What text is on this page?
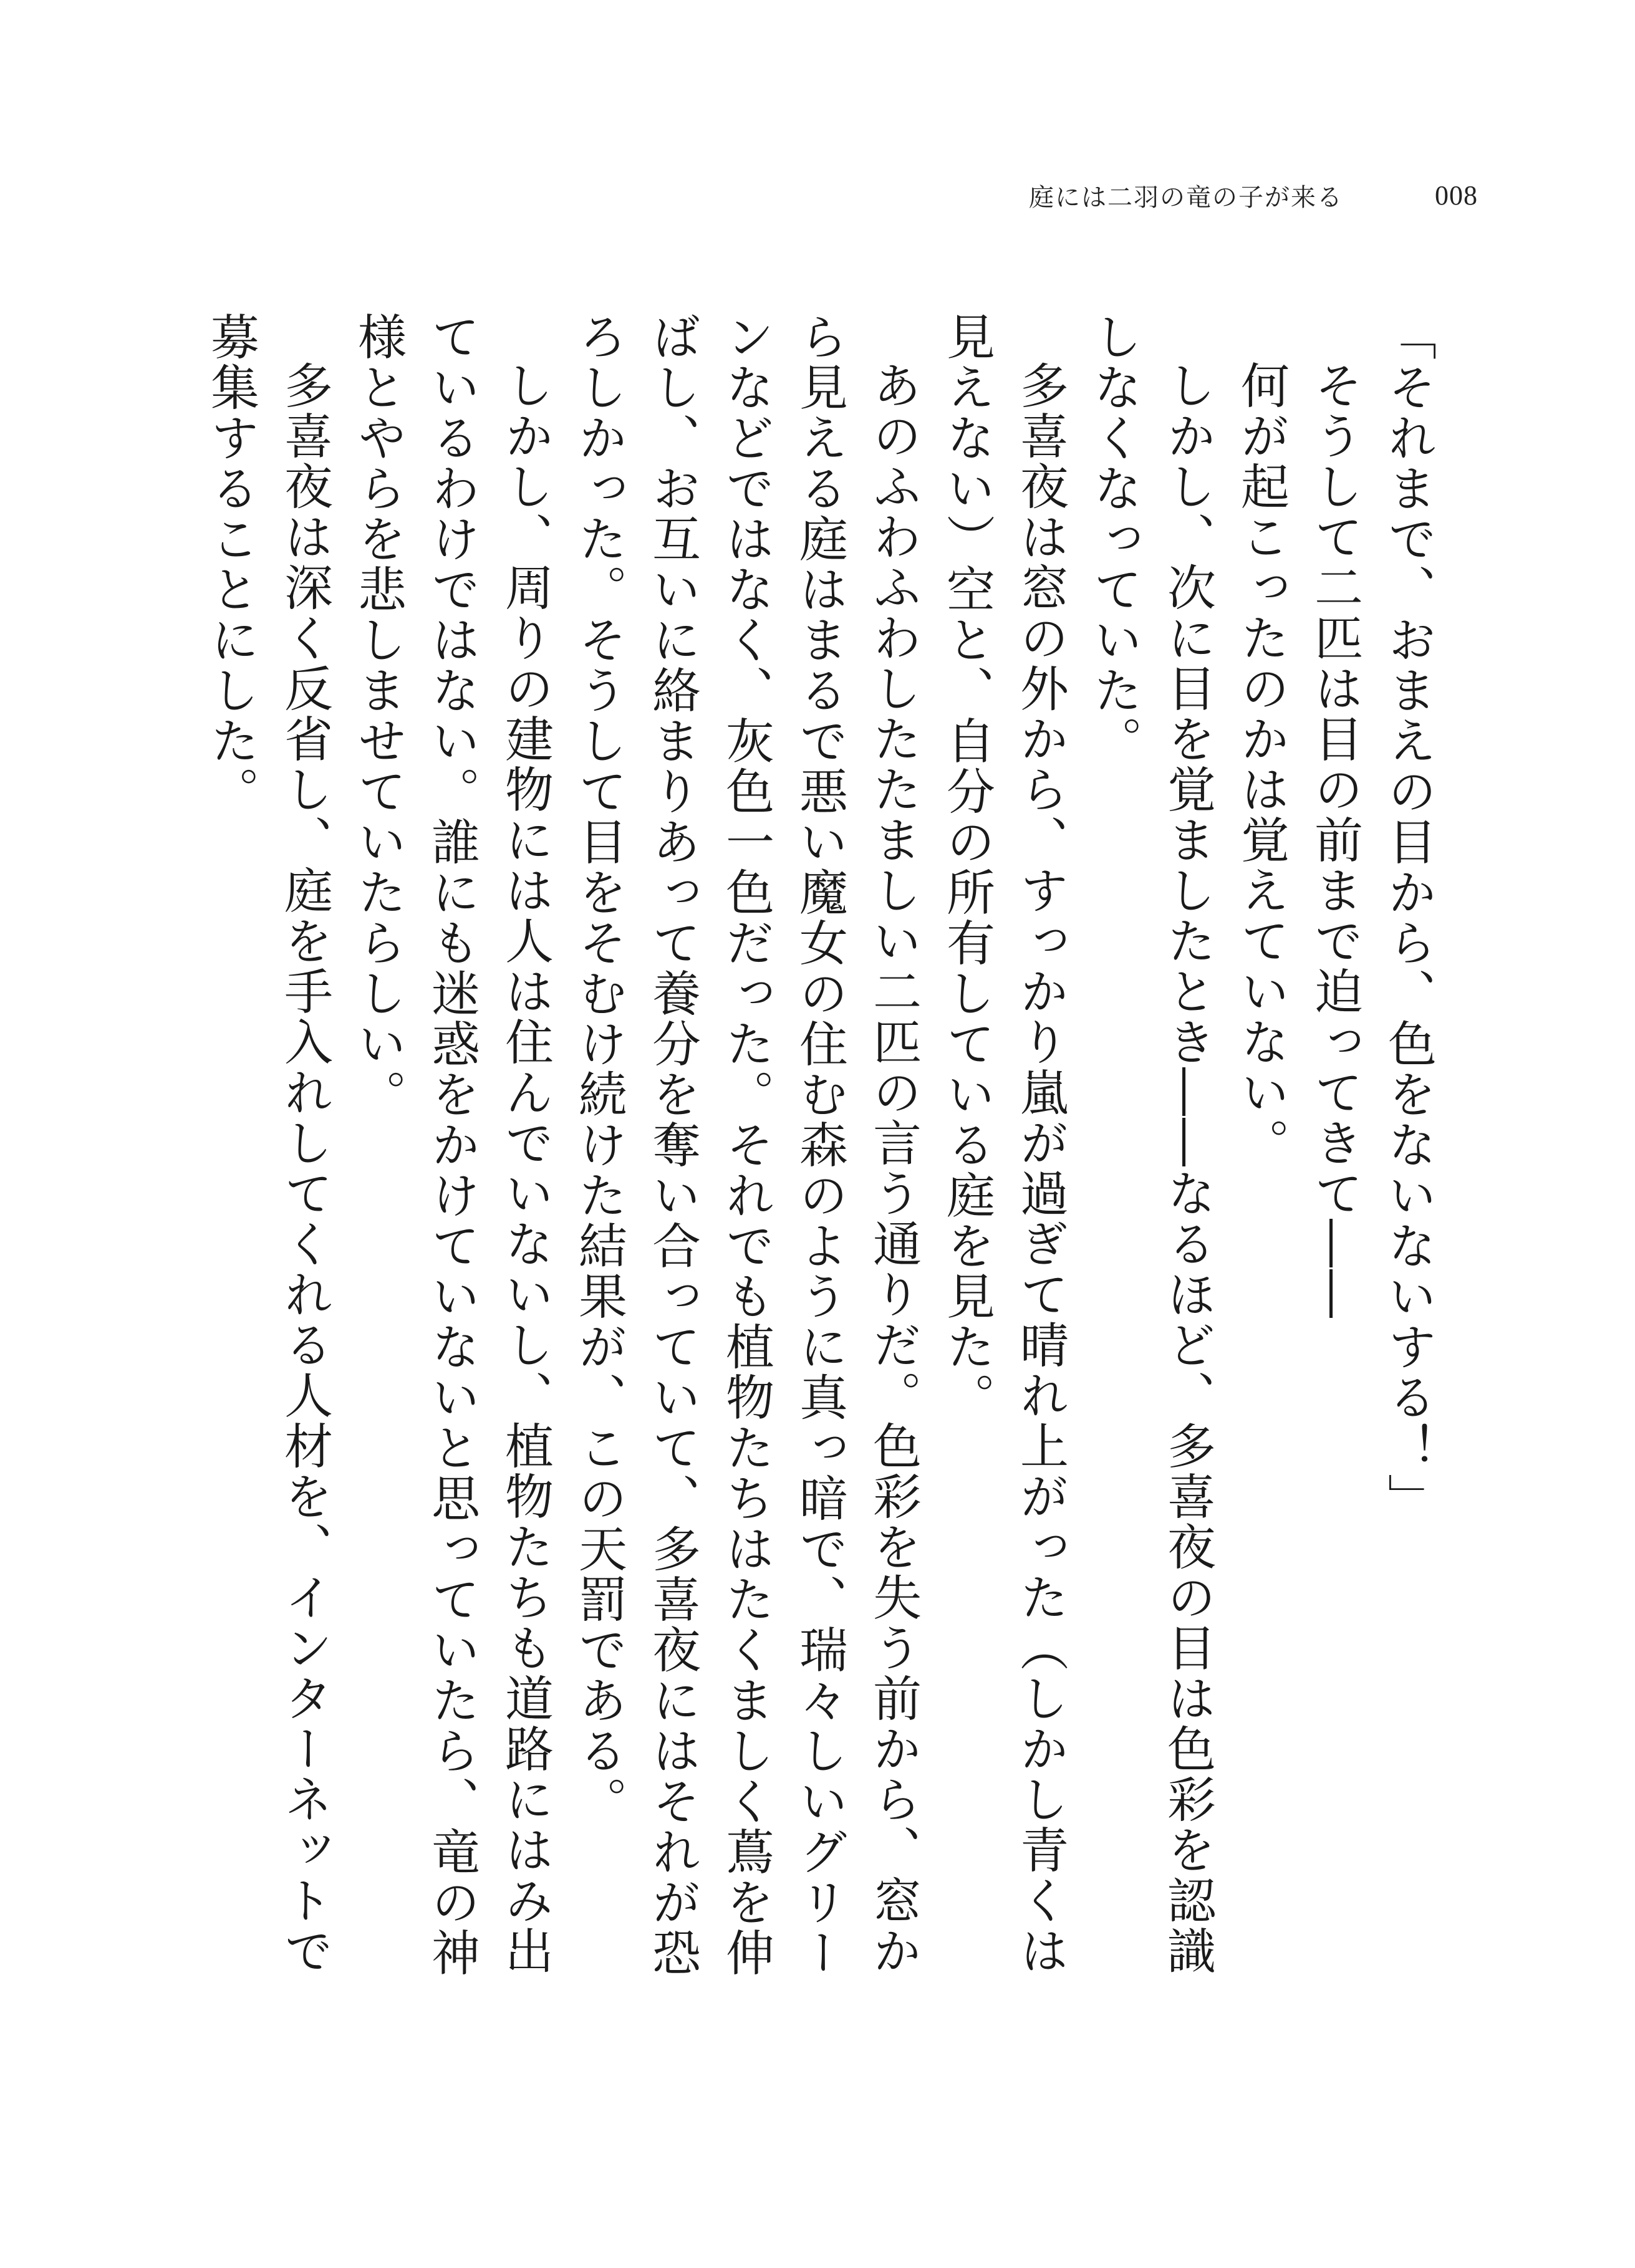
庭には二羽の竜の子が来る	008

「それまで、おまえの目から、色をないないする！」

そうして二匹は目の前まで迫ってきて――

何が起こったのかは覚えていない。

しかし、次に目を覚ましたとき――なるほど、多喜夜の目は色彩を認識しなくなっていた。

多喜夜は窓の外から、すっかり嵐が過ぎて晴れ上がった（しかし青くは見えない）空と、自分の所有している庭を見た。

あのふわふわしたたましい二匹の言う通りだ。色彩を失う前から、窓から見える庭はまるで悪い魔女の住む森のように真っ暗で、瑞々しいグリーンなどではなく、灰色一色だった。それでも植物たちはたくましく蔦を伸ばし、お互いに絡まりあって養分を奪い合っていて、多喜夜にはそれが恐ろしかった。そうして目をそむけ続けた結果が、この天罰である。

しかし、周りの建物には人は住んでいないし、植物たちも道路にはみ出ているわけではない。誰にも迷惑をかけていないと思っていたら、竜の神様とやらを悲しませていたらしい。

多喜夜は深く反省し、庭を手入れしてくれる人材を、インターネットで募集することにした。
